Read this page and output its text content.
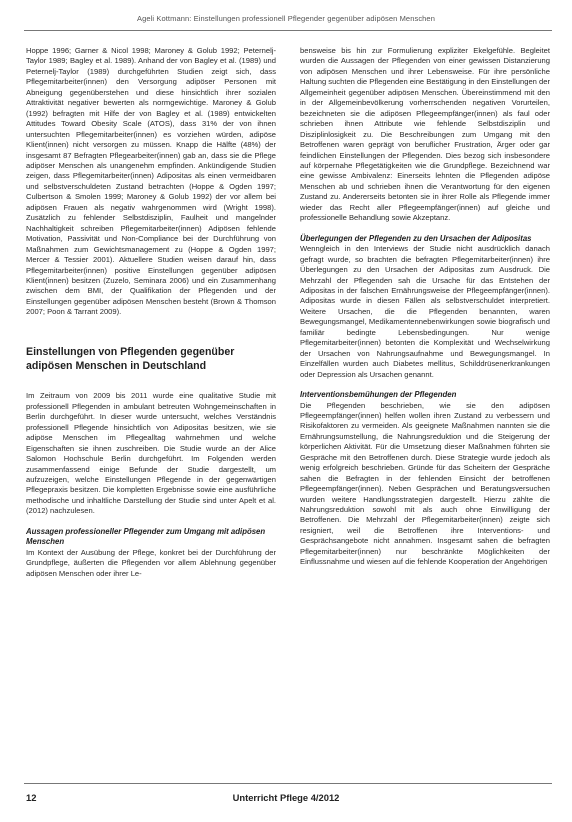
Ageli Kottmann: Einstellungen professionell Pflegender gegenüber adipösen Menschen

Hoppe 1996; Garner & Nicol 1998; Maroney & Golub 1992; Peternelj-Taylor 1989; Bagley et al. 1989). Anhand der von Bagley et al. (1989) und Peternelj-Taylor (1989) durchgeführten Studien zeigt sich, dass Pflegemitarbeiter(innen) den Versorgung adipöser Personen mit Abneigung gegenüberstehen und diese hinsichtlich ihrer sozialen Attraktivität negativer bewerten als normgewichtige. Maroney & Golub (1992) befragten mit Hilfe der von Bagley et al. (1989) entwickelten Attitudes Toward Obesity Scale (ATOS), dass 31% der von ihnen untersuchten Pflegemitarbeiter(innen) es vorziehen würden, adipöse Klient(innen) nicht versorgen zu müssen. Knapp die Hälfte (48%) der insgesamt 87 Befragten Pflegearbeiter(innen) gab an, dass sie die Pflege adipöser Menschen als unangenehm empfinden. Ankündigende Studien zeigen, dass Pflegemitarbeiter(innen) Adipositas als einen vermeidbaren und selbstverschuldeten Zustand betrachten (Hoppe & Ogden 1997; Culbertson & Smolen 1999; Maroney & Golub 1992) der vor allem bei adipösen Frauen als negativ wahrgenommen wird (Wright 1998). Zusätzlich zu fehlender Selbstdisziplin, Faulheit und mangelnder Nachhaltigkeit schreiben Pflegemitarbeiter(innen) Adipösen fehlende Motivation, Passivität und Non-Compliance bei der Durchführung von Maßnahmen zum Gewichtsmanagement zu (Hoppe & Ogden 1997; Mercer & Tessier 2001). Aktuellere Studien weisen darauf hin, dass Pflegemitarbeiter(innen) positive Einstellungen gegenüber adipösen Klient(innen) besitzen (Zuzelo, Seminara 2006) und ein Zusammenhang zwischen dem BMI, der Qualifikation der Pflegenden und der Einstellungen gegenüber adipösen Menschen besteht (Brown & Thomson 2007; Poon & Tarrant 2009).

Einstellungen von Pflegenden gegenüber adipösen Menschen in Deutschland

Im Zeitraum von 2009 bis 2011 wurde eine qualitative Studie mit professionell Pflegenden in ambulant betreuten Wohngemeinschaften in Berlin durchgeführt. In dieser wurde untersucht, welches Verständnis professionell Pflegende hinsichtlich von Adipositas besitzen, wie sie adipöse Menschen im Pflegealltag wahrnehmen und welche Eigenschaften sie ihnen zuschreiben. Die Studie wurde an der Alice Salomon Hochschule Berlin durchgeführt. Im Folgenden werden zusammenfassend einige Befunde der Studie dargestellt, um aufzuzeigen, welche Einstellungen Pflegende in der gegenwärtigen Pflegepraxis besitzen. Die kompletten Ergebnisse sowie eine ausführliche methodische und inhaltliche Darstellung der Studie sind unter Apelt et al. (2012) nachzulesen.

Aussagen professioneller Pflegender zum Umgang mit adipösen Menschen

Im Kontext der Ausübung der Pflege, konkret bei der Durchführung der Grundpflege, äußerten die Pflegenden vor allem Ablehnung gegenüber adipösen Menschen oder ihrer Le-

bensweise bis hin zur Formulierung expliziter Ekelgefühle. Begleitet wurden die Aussagen der Pflegenden von einer gewissen Distanzierung von adipösen Menschen und ihrer Lebensweise. Für ihre persönliche Haltung suchten die Pflegenden eine Bestätigung in den Einstellungen der Allgemeinheit gegenüber adipösen Menschen. Übereinstimmend mit den in der Allgemeinbevölkerung vorherrschenden negativen Vorurteilen, bezeichneten sie die adipösen Pflegeempfänger(innen) als faul oder schrieben ihnen Attribute wie fehlende Selbstdisziplin und Disziplinlosigkeit zu. Die Beschreibungen zum Umgang mit den Betroffenen waren geprägt von beruflicher Frustration, Ärger oder gar feindlichen Einstellungen der Pflegenden. Dies bezog sich insbesondere auf körpernahe Pflegetätigkeiten wie die Grundpflege. Bezeichnend war eine gewisse Ambivalenz: Einerseits lehnten die Pflegenden adipöse Menschen ab und schrieben ihnen die Verantwortung für den eigenen Zustand zu. Andererseits betonten sie in ihrer Rolle als Pflegende immer wieder das Recht aller Pflegeempfänger(innen) auf gleiche und professionelle Behandlung sowie Akzeptanz.

Überlegungen der Pflegenden zu den Ursachen der Adipositas

Wenngleich in den Interviews der Studie nicht ausdrücklich danach gefragt wurde, so brachten die befragten Pflegemitarbeiter(innen) ihre Überlegungen zu den Ursachen der Adipositas zum Ausdruck. Die Mehrzahl der Pflegenden sah die Ursache für das Entstehen der Adipositas in der falschen Ernährungsweise der Pflegeempfänger(innen). Adipositas wurde in diesen Fällen als selbstverschuldet interpretiert. Weitere Ursachen, die die Pflegenden benannten, waren Bewegungsmangel, Medikamentennebenwirkungen sowie biografisch und familiär bedingte Lebensbedingungen. Nur wenige Pflegemitarbeiter(innen) betonten die Komplexität und Wechselwirkung der Ursachen von Nahrungsaufnahme und Bewegungsmangel. In Einzelfällen wurden auch Diabetes mellitus, Schilddrüsenerkrankungen oder Depression als Ursachen genannt.

Interventionsbemühungen der Pflegenden

Die Pflegenden beschrieben, wie sie den adipösen Pflegeempfänger(innen) helfen wollen ihren Zustand zu verbessern und Risikofaktoren zu vermeiden. Als geeignete Maßnahmen nannten sie die Ernährungsumstellung, die Nahrungsreduktion und die Steigerung der körperlichen Aktivität. Für die Umsetzung dieser Maßnahmen führten sie Gespräche mit den Betroffenen durch. Diese Strategie wurde jedoch als wenig erfolgreich beschrieben. Gründe für das Scheitern der Gespräche sahen die Befragten in der fehlenden Einsicht der betroffenen Pflegeempfänger(innen). Neben Gesprächen und Beratungsversuchen wurden weitere Handlungsstrategien dargestellt. Hierzu zählte die Nahrungsreduktion sowohl mit als auch ohne Einwilligung der Betroffenen. Die Mehrzahl der Pflegemitarbeiter(innen) zeigte sich resigniert, weil die Betroffenen ihre Interventions- und Gesprächsangebote nicht annahmen. Insgesamt sahen die befragten Pflegemitarbeiter(innen) nur beschränkte Möglichkeiten der Einflussnahme und wiesen auf die fehlende Kooperation der Angehörigen

12	Unterricht Pflege 4/2012
